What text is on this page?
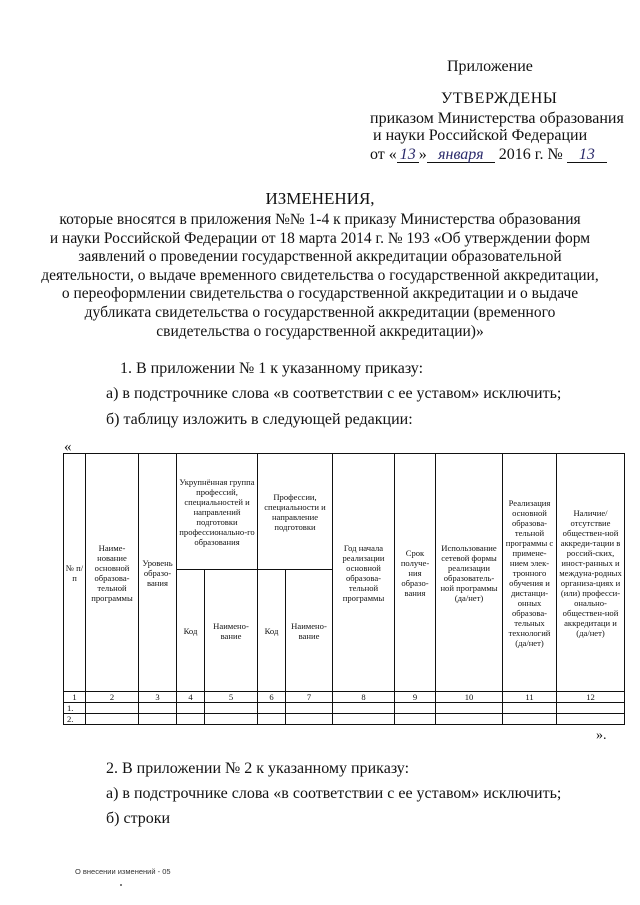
Приложение
УТВЕРЖДЕНЫ
приказом Министерства образования
и науки Российской Федерации
от « 13 » января 2016 г. № 13
ИЗМЕНЕНИЯ,
которые вносятся в приложения №№ 1-4 к приказу Министерства образования
и науки Российской Федерации от 18 марта 2014 г. № 193 «Об утверждении форм
заявлений о проведении государственной аккредитации образовательной
деятельности, о выдаче временного свидетельства о государственной аккредитации,
о переоформлении свидетельства о государственной аккредитации и о выдаче
дубликата свидетельства о государственной аккредитации (временного
свидетельства о государственной аккредитации)»
1. В приложении № 1 к указанному приказу:
а) в подстрочнике слова «в соответствии с ее уставом» исключить;
б) таблицу изложить в следующей редакции:
«
№ п/п	Наиме-нование основной образова-тельной программы	Уровень образо-вания	Укрупнённая группа профессий, специальностей и направлений подготовки профессионально-го образования		Профессии, специальности и направление подготовки		Год начала реализации основной образова-тельной программы	Срок получе-ния образо-вания	Использование сетевой формы реализации образователь-ной программы (да/нет)	Реализация основной образова-тельной программы с примене-нием элек-тронного обучения и дистанци-онных образова-тельных технологий (да/нет)	Наличие/ отсутствие обществен-ной аккреди-тации в россий-ских, иност-ранных и междуна-родных организа-циях и (или) професси-онально-обществен-ной аккредитаци и (да/нет)
			Код	Наимено-вание	Код	Наимено-вание					
1	2	3	4	5	6	7	8	9	10	11	12
1.											
2.											
».
2. В приложении № 2 к указанному приказу:
а) в подстрочнике слова «в соответствии с ее уставом» исключить;
б) строки
О внесении изменений - 05
